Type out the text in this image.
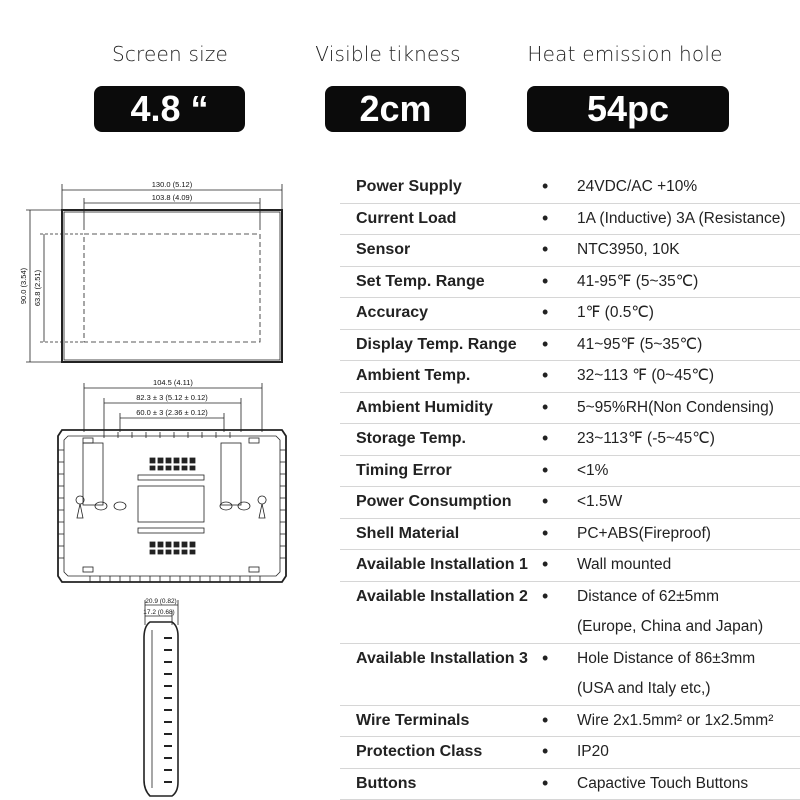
Screen size	Visible tikness	Heat emission hole
4.8 “	2cm	54pc
130.0 (5.12)
103.8 (4.09)
90.0 (3.54) 63.8 (2.51)
104.5 (4.11)
82.3 ± 3 (5.12 ± 0.12)
60.0 ± 3 (2.36 ± 0.12)
20.9 (0.82)
17.2 (0.68)
Power Supply	• 24VDC/AC +10%
Current Load	• 1A (Inductive) 3A (Resistance)
Sensor	• NTC3950, 10K
Set Temp. Range	• 41-95℉ (5~35℃)
Accuracy	• 1℉ (0.5℃)
Display Temp. Range • 41~95℉ (5~35℃)
Ambient Temp.	• 32~113 ℉ (0~45℃)
Ambient Humidity	• 5~95%RH(Non Condensing)
Storage Temp.	• 23~113℉ (-5~45℃)
Timing Error	• <1%
Power Consumption • <1.5W
Shell Material	• PC+ABS(Fireproof)
Available Installation 1 • Wall mounted
Available Installation 2 • Distance of 62±5mm
(Europe, China and Japan)
Available Installation 3 • Hole Distance of 86±3mm
(USA and Italy etc,)
Wire Terminals	• Wire 2x1.5mm² or 1x2.5mm²
Protection Class	• IP20
Buttons	• Capactive Touch Buttons
